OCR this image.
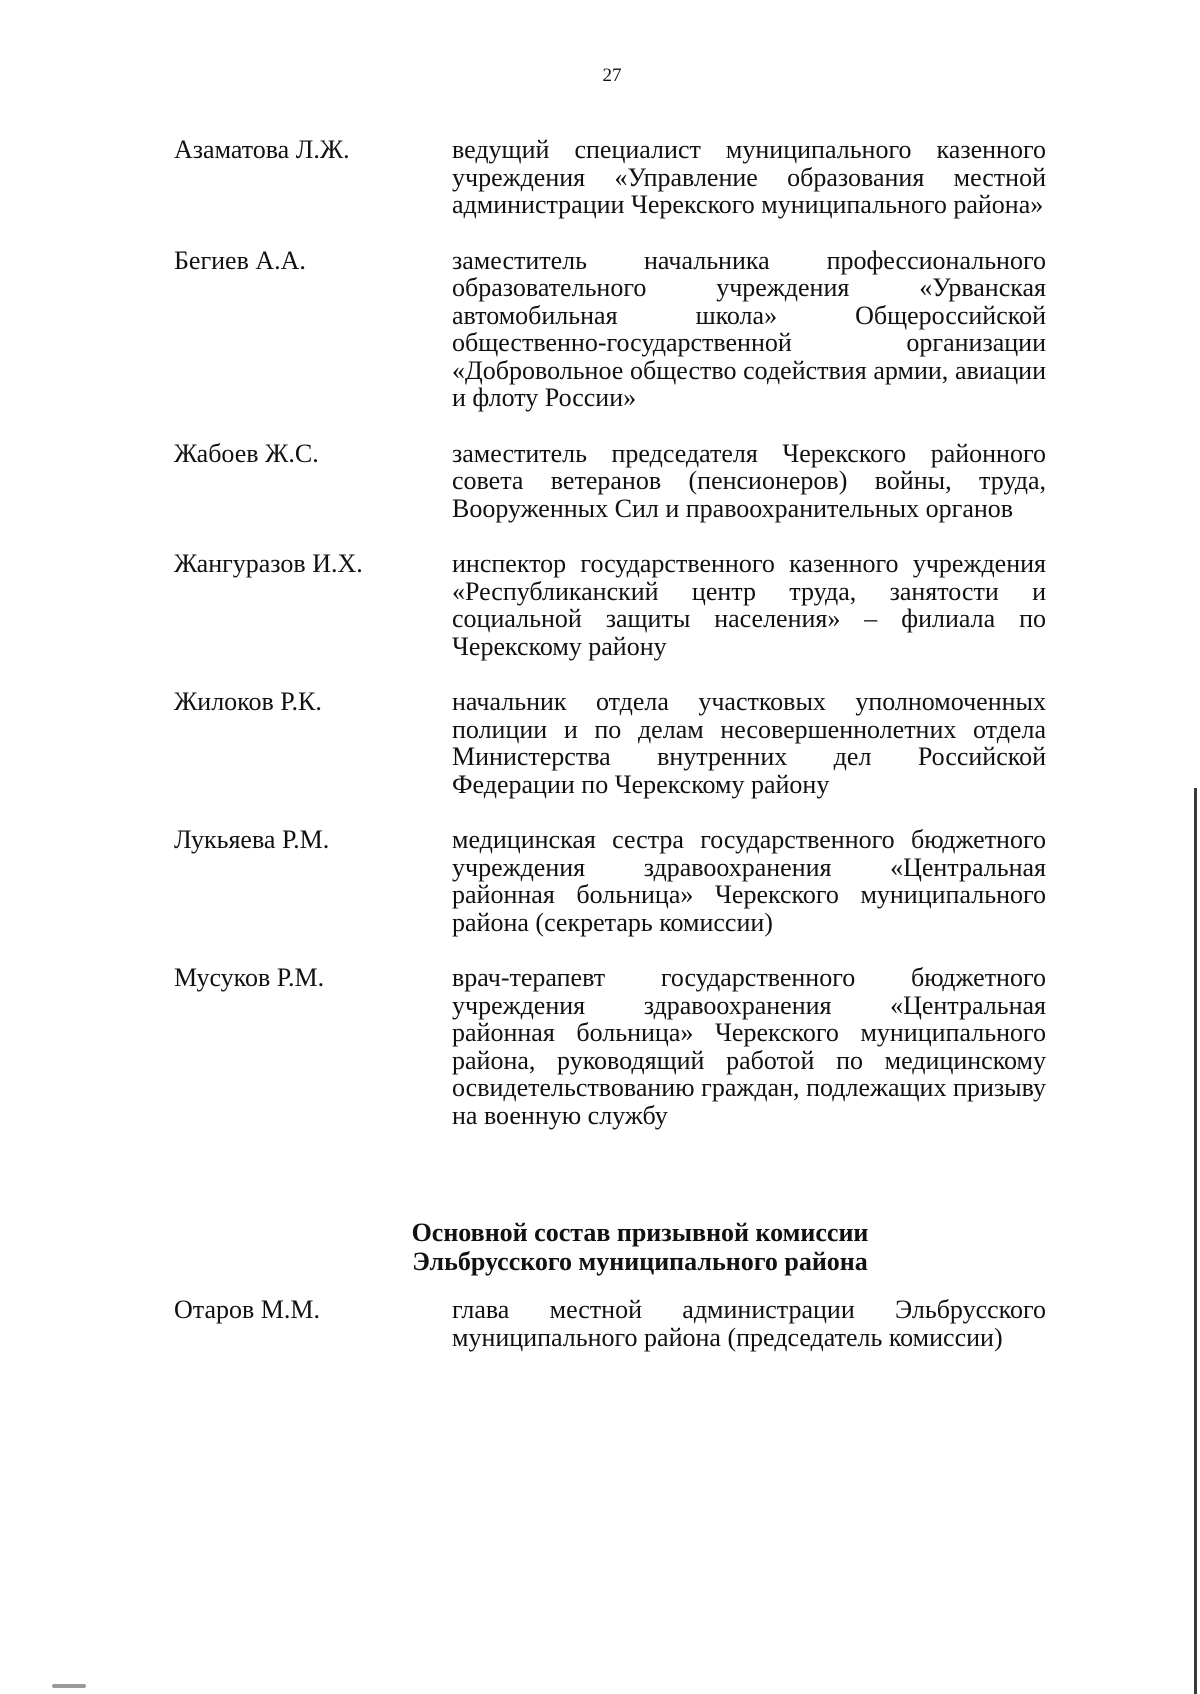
27
Азаматова Л.Ж.	ведущий специалист муниципального казенного учреждения «Управление образования местной администрации Черекского муниципального района»
Бегиев А.А.	заместитель начальника профессионального образовательного учреждения «Урванская автомобильная школа» Общероссийской общественно-государственной организации «Добровольное общество содействия армии, авиации и флоту России»
Жабоев Ж.С.	заместитель председателя Черекского районного совета ветеранов (пенсионеров) войны, труда, Вооруженных Сил и правоохранительных органов
Жангуразов И.Х.	инспектор государственного казенного учреждения «Республиканский центр труда, занятости и социальной защиты населения» – филиала по Черекскому району
Жилоков Р.К.	начальник отдела участковых уполномоченных полиции и по делам несовершеннолетних отдела Министерства внутренних дел Российской Федерации по Черекскому району
Лукьяева Р.М.	медицинская сестра государственного бюджетного учреждения здравоохранения «Центральная районная больница» Черекского муниципального района (секретарь комиссии)
Мусуков Р.М.	врач-терапевт государственного бюджетного учреждения здравоохранения «Центральная районная больница» Черекского муниципального района, руководящий работой по медицинскому освидетельствованию граждан, подлежащих призыву на военную службу
Основной состав призывной комиссии
Эльбрусского муниципального района
Отаров М.М.	глава местной администрации Эльбрусского муниципального района (председатель комиссии)
